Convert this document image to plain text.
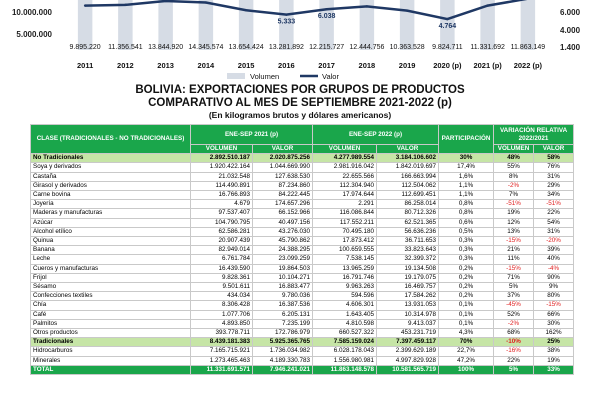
10.000.000
5.000.000
6.000
4.000
1.400
9.895.220 11.356.541 13.844.920 14.345.574 13.654.424 13.281.892 12.215.727 12.444.756 10.363.528 9.824.711 11.331.692 11.863.149
2011	2012	2013	2014	2015	2016	2017	2018	2019 2020 (p) 2021 (p) 2022 (p)
5.333
6.038
4.764
Volumen	Valor
BOLIVIA: EXPORTACIONES POR GRUPOS DE PRODUCTOS
COMPARATIVO AL MES DE SEPTIEMBRE 2021-2022 (p)
(En kilogramos brutos y dólares americanos)
CLASE (TRADICIONALES - NO TRADICIONALES)	ENE-SEP 2021 (p)		ENE-SEP 2022 (p)		PARTICIPACIÓN	VARIACIÓN RELATIVA 2022/2021	
	VOLUMEN	VALOR	VOLUMEN	VALOR		VOLUMEN	VALOR
No Tradicionales	2.892.510.187	2.020.875.256	4.277.989.554	3.184.106.602	30%	48%	58%
Soya y derivados	1.920.422.164	1.044.669.990	2.981.916.042	1.842.019.697	17,4%	55%	76%
Castaña	21.032.548	127.638.530	22.655.566	166.663.994	1,6%	8%	31%
Girasol y derivados	114.490.891	87.234.860	112.304.940	112.504.062	1,1%	-2%	29%
Carne bovina	16.766.893	84.222.445	17.974.644	112.699.451	1,1%	7%	34%
Joyería	4.679	174.657.296	2.291	86.258.014	0,8%	-51%	-51%
Maderas y manufacturas	97.537.407	66.152.966	116.086.844	80.712.326	0,8%	19%	22%
Azúcar	104.790.795	40.497.156	117.552.211	62.521.365	0,6%	12%	54%
Alcohol etílico	62.586.281	43.276.030	70.495.180	56.636.236	0,5%	13%	31%
Quinua	20.907.439	45.790.862	17.873.412	36.711.653	0,3%	-15%	-20%
Banana	82.949.014	24.388.295	100.659.555	33.823.643	0,3%	21%	39%
Leche	6.761.784	23.099.259	7.538.145	32.399.372	0,3%	11%	40%
Cueros y manufacturas	16.439.590	19.864.503	13.965.259	19.134.508	0,2%	-15%	-4%
Frijol	9.828.361	10.104.271	16.791.746	19.179.075	0,2%	71%	90%
Sésamo	9.501.611	16.883.477	9.963.263	16.469.757	0,2%	5%	9%
Confecciones textiles	434.034	9.780.036	594.596	17.584.262	0,2%	37%	80%
Chía	8.306.428	16.387.536	4.606.301	13.931.053	0,1%	-45%	-15%
Café	1.077.706	6.205.131	1.643.405	10.314.978	0,1%	52%	66%
Palmitos	4.893.850	7.235.199	4.810.598	9.413.037	0,1%	-2%	30%
Otros productos	393.778.711	172.786.979	660.527.322	453.231.719	4,3%	68%	162%
Tradicionales	8.439.181.383	5.925.365.765	7.585.159.024	7.397.459.117	70%	-10%	25%
Hidrocarburos	7.165.715.921	1.736.034.982	6.028.178.043	2.399.629.189	22,7%	-16%	38%
Minerales	1.273.465.463	4.189.330.783	1.556.980.981	4.997.829.928	47,2%	22%	19%
TOTAL	11.331.691.571	7.946.241.021	11.863.148.578	10.581.565.719	100%	5%	33%
